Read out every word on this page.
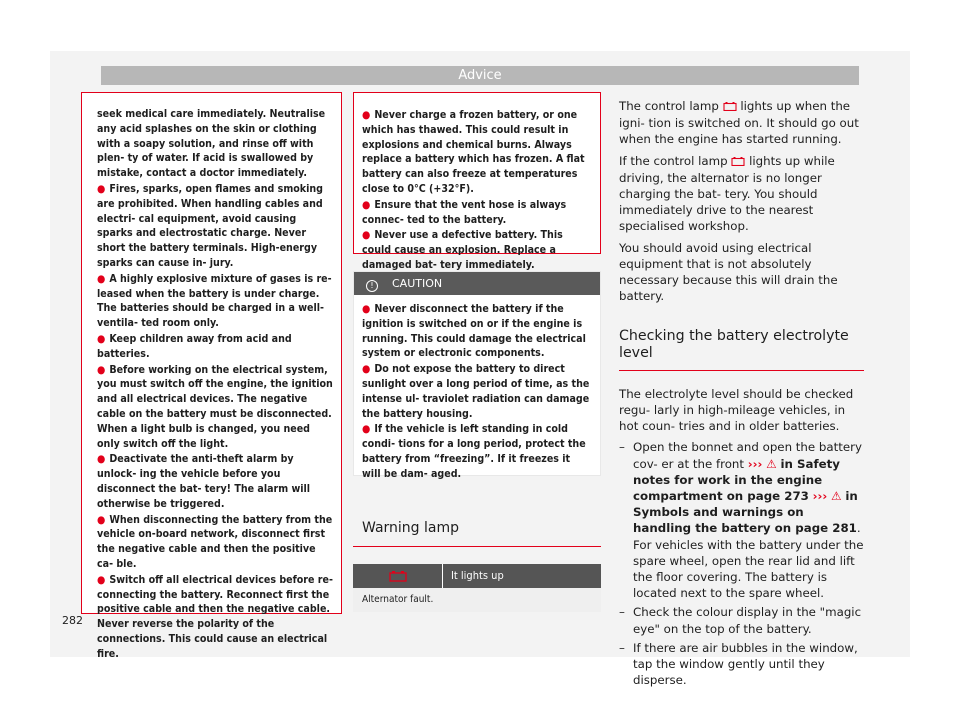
Advice

seek medical care immediately. Neutralise any acid splashes on the skin or clothing with a soapy solution, and rinse off with plen- ty of water. If acid is swallowed by mistake, contact a doctor immediately.

● Fires, sparks, open flames and smoking are prohibited. When handling cables and electri- cal equipment, avoid causing sparks and electrostatic charge. Never short the battery terminals. High-energy sparks can cause in- jury.

● A highly explosive mixture of gases is re- leased when the battery is under charge. The batteries should be charged in a well-ventila- ted room only.

● Keep children away from acid and batteries.

● Before working on the electrical system, you must switch off the engine, the ignition and all electrical devices. The negative cable on the battery must be disconnected. When a light bulb is changed, you need only switch off the light.

● Deactivate the anti-theft alarm by unlock- ing the vehicle before you disconnect the bat- tery! The alarm will otherwise be triggered.

● When disconnecting the battery from the vehicle on-board network, disconnect first the negative cable and then the positive ca- ble.

● Switch off all electrical devices before re- connecting the battery. Reconnect first the positive cable and then the negative cable. Never reverse the polarity of the connections. This could cause an electrical fire.

● Never charge a frozen battery, or one which has thawed. This could result in explosions and chemical burns. Always replace a battery which has frozen. A flat battery can also freeze at temperatures close to 0°C (+32°F).

● Ensure that the vent hose is always connec- ted to the battery.

● Never use a defective battery. This could cause an explosion. Replace a damaged bat- tery immediately.

! CAUTION

● Never disconnect the battery if the ignition is switched on or if the engine is running. This could damage the electrical system or electronic components.

● Do not expose the battery to direct sunlight over a long period of time, as the intense ul- traviolet radiation can damage the battery housing.

● If the vehicle is left standing in cold condi- tions for a long period, protect the battery from “freezing”. If it freezes it will be dam- aged.

Warning lamp
It lights up
Alternator fault.

The control lamp lights up when the igni- tion is switched on. It should go out when the engine has started running.

If the control lamp lights up while driving, the alternator is no longer charging the bat- tery. You should immediately drive to the nearest specialised workshop.

You should avoid using electrical equipment that is not absolutely necessary because this will drain the battery.

Checking the battery electrolyte level

The electrolyte level should be checked regu- larly in high-mileage vehicles, in hot coun- tries and in older batteries.

– Open the bonnet and open the battery cov- er at the front ››› ⚠ in Safety notes for work in the engine compartment on page 273 ››› ⚠ in Symbols and warnings on handling the battery on page 281. For vehicles with the battery under the spare wheel, open the rear lid and lift the floor covering. The battery is located next to the spare wheel.
– Check the colour display in the "magic eye" on the top of the battery.
– If there are air bubbles in the window, tap the window gently until they disperse.
282
